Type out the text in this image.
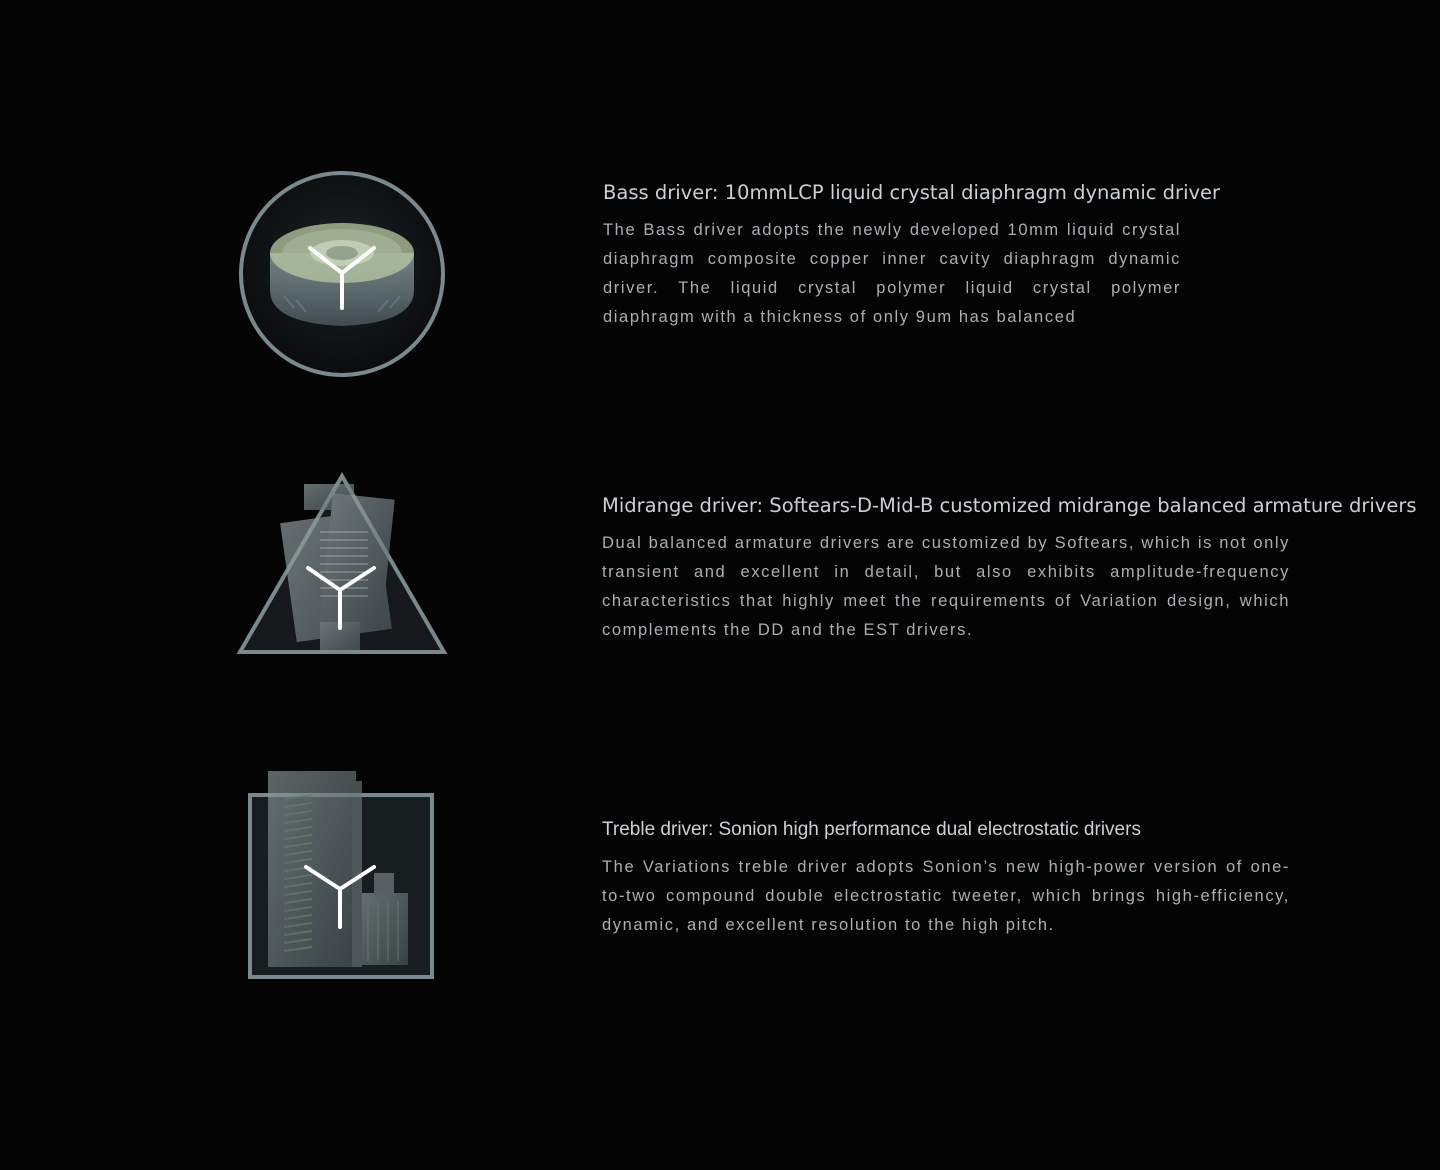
Bass driver: 10mmLCP liquid crystal diaphragm dynamic driver

The Bass driver adopts the newly developed 10mm liquid crystal diaphragm composite copper inner cavity diaphragm dynamic driver. The liquid crystal polymer liquid crystal polymer diaphragm with a thickness of only 9um has balanced

Midrange driver: Softears-D-Mid-B customized midrange balanced armature drivers

Dual balanced armature drivers are customized by Softears, which is not only transient and excellent in detail, but also exhibits amplitude-frequency characteristics that highly meet the requirements of Variation design, which complements the DD and the EST drivers.

Treble driver: Sonion high performance dual electrostatic drivers

The Variations treble driver adopts Sonion’s new high-power version of one-to-two compound double electrostatic tweeter, which brings high-efficiency, dynamic, and excellent resolution to the high pitch.
